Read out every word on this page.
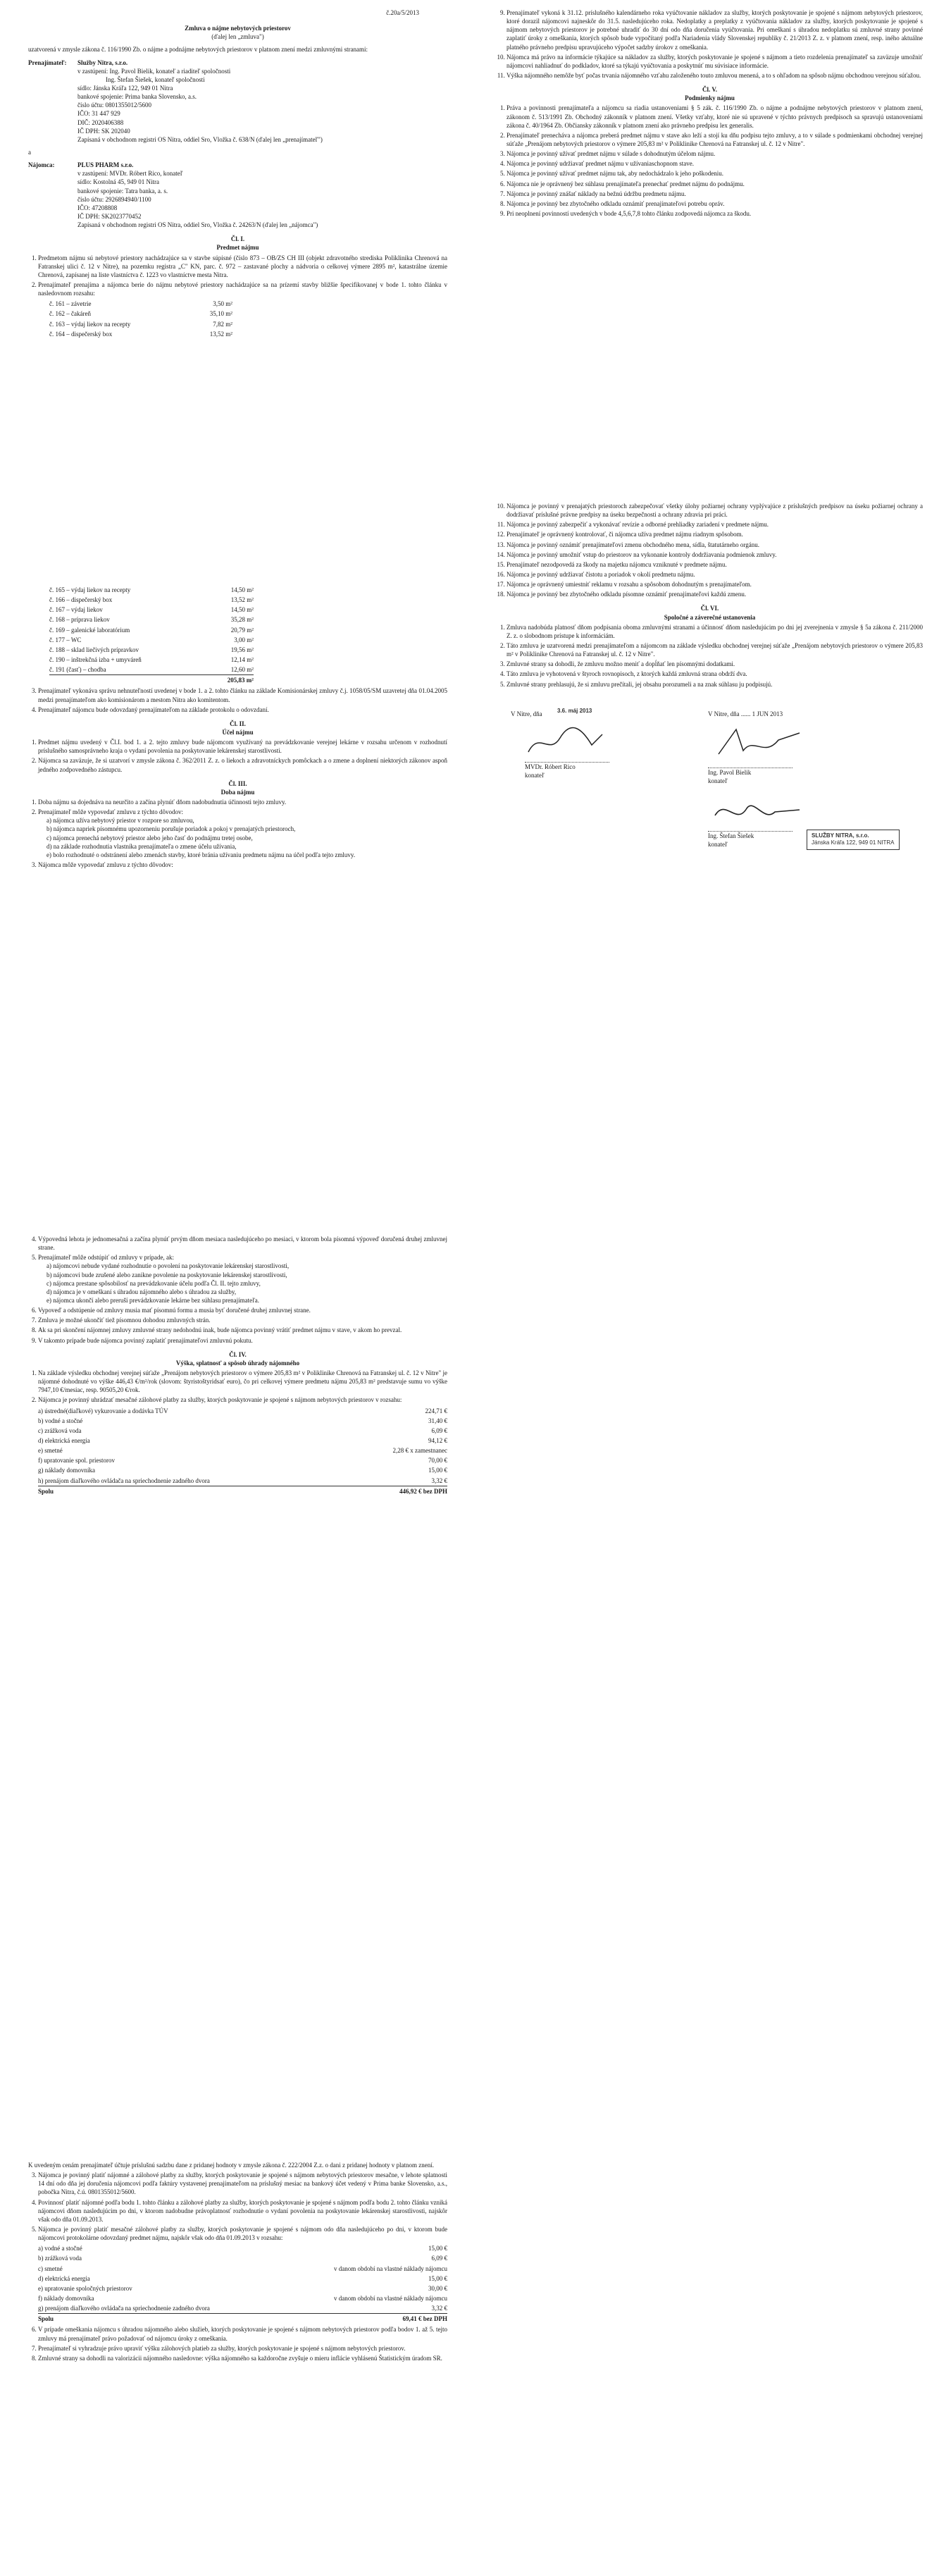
č.20a/5/2013
Zmluva o nájme nebytových priestorov
(ďalej len „zmluva")
uzatvorená v zmysle zákona č. 116/1990 Zb. o nájme a podnájme nebytových priestorov v platnom znení medzi zmluvnými stranami:
Prenajímateľ:	Služby Nitra, s.r.o.
v zastúpení: Ing. Pavol Bielik, konateľ a riaditeľ spoločnosti
Ing. Štefan Šiešek, konateľ spoločnosti
sídlo: Jánska Kráľa 122, 949 01 Nitra
bankové spojenie: Prima banka Slovensko, a.s.
číslo účtu: 0801355012/5600
IČO: 31 447 929
DIČ: 2020406388
IČ DPH: SK 202040
Zapísaná v obchodnom registri OS Nitra, oddiel Sro, Vložka č. 638/N (ďalej len „prenajímateľ")
a
Nájomca:	PLUS PHARM s.r.o.
v zastúpení: MVDr. Róbert Rico, konateľ
sídlo: Kostolná 45, 949 01 Nitra
bankové spojenie: Tatra banka, a. s.
číslo účtu: 2926894940/1100
IČO: 47208808
IČ DPH: SK2023770452
Zapísaná v obchodnom registri OS Nitra, oddiel Sro, Vložka č. 24263/N (ďalej len „nájomca")
Čl. I.
Predmet nájmu
1. Predmetom nájmu sú nebytové priestory nachádzajúce sa v stavbe súpisné (číslo 873 – OB/ZS CH III (objekt zdravotného strediska Poliklinika Chrenová na Fatranskej ulici č. 12 v Nitre), na pozemku registra „C" KN, parc. č. 972 – zastavané plochy a nádvoria o celkovej výmere 2895 m², katastrálne územie Chrenová, zapísanej na liste vlastníctva č. 1223 vo vlastníctve mesta Nitra.
2. Prenajímateľ prenajíma a nájomca berie do nájmu nebytové priestory nachádzajúce sa na prízemí stavby bližšie špecifikovanej v bode 1. tohto článku v nasledovnom rozsahu:
č. 161 – závetrie	3,50 m²
č. 162 – čakáreň	35,10 m²
č. 163 – výdaj liekov na recepty	7,82 m²
č. 164 – dispečerský box	13,52 m²
9. Prenajímateľ vykoná k 31.12. príslušného kalendárneho roka vyúčtovanie nákladov za služby, ktorých poskytovanie je spojené s nájmom nebytových priestorov, ktoré dorazil nájomcovi najneskôr do 31.5. nasledujúceho roka. Nedoplatky a preplatky z vyúčtovania nákladov za služby, ktorých poskytovanie je spojené s nájmom nebytových priestorov je potrebné uhradiť do 30 dní odo dňa doručenia vyúčtovania. Pri omeškaní s úhradou nedoplatku sú zmluvné strany povinné zaplatiť úroky z omeškania, ktorých spôsob bude vypočítaný podľa Nariadenia vlády Slovenskej republiky č. 21/2013 Z. z. v platnom znení, resp. iného aktuálne platného právneho predpisu upravujúceho výpočet sadzby úrokov z omeškania.
10. Nájomca má právo na informácie týkajúce sa nákladov za služby, ktorých poskytovanie je spojené s nájmom a tieto rozdelenia prenajímateľ sa zaväzuje umožniť nájomcovi nahliadnuť do podkladov, ktoré sa týkajú vyúčtovania a poskytnúť mu súvisiace informácie.
11. Výška nájomného nemôže byť počas trvania nájomného vzťahu založeného touto zmluvou menená, a to s ohľadom na spôsob nájmu obchodnou verejnou súťažou.
Čl. V.
Podmienky nájmu
1. Práva a povinnosti prenajímateľa a nájomcu sa riadia ustanoveniami § 5 zák. č. 116/1990 Zb. o nájme a podnájme nebytových priestorov v platnom znení, zákonom č. 513/1991 Zb. Obchodný zákonník v platnom znení. Všetky vzťahy, ktoré nie sú upravené v týchto právnych predpisoch sa spravujú ustanoveniami zákona č. 40/1964 Zb. Občiansky zákonník v platnom znení ako právneho predpisu lex generalis.
2. Prenajímateľ prenecháva a nájomca preberá predmet nájmu v stave ako leží a stojí ku dňu podpisu tejto zmluvy, a to v súlade s podmienkami obchodnej verejnej súťaže „Prenájom nebytových priestorov o výmere 205,83 m² v Poliklinike Chrenová na Fatranskej ul. č. 12 v Nitre".
3. Nájomca je povinný užívať predmet nájmu v súlade s dohodnutým účelom nájmu.
4. Nájomca je povinný udržiavať predmet nájmu v užívaniaschopnom stave.
5. Nájomca je povinný užívať predmet nájmu tak, aby nedochádzalo k jeho poškodeniu.
6. Nájomca nie je oprávnený bez súhlasu prenajímateľa prenechať predmet nájmu do podnájmu.
7. Nájomca je povinný znášať náklady na bežnú údržbu predmetu nájmu.
8. Nájomca je povinný bez zbytočného odkladu oznámiť prenajímateľovi potrebu opráv.
9. Pri neoplnení povinností uvedených v bode 4,5,6,7,8 tohto článku zodpovedá nájomca za škodu.
č. 165 – výdaj liekov na recepty	14,50 m²
č. 166 – dispečerský box	13,52 m²
č. 167 – výdaj liekov	14,50 m²
č. 168 – príprava liekov	35,28 m²
č. 169 – galenické laboratórium	20,79 m²
č. 177 – WC	3,00 m²
č. 188 – sklad liečivých prípravkov	19,56 m²
č. 190 – inštrekčná izba + umyváreň	12,14 m²
č. 191 (časť) – chodba	12,60 m²
205,83 m²
3. Prenajímateľ vykonáva správu nehnuteľností uvedenej v bode 1. a 2. tohto článku na základe Komisionárskej zmluvy č.j. 1058/05/SM uzavretej dňa 01.04.2005 medzi prenajímateľom ako komisionárom a mestom Nitra ako komitentom.
4. Prenajímateľ nájomcu bude odovzdaný prenajímateľom na základe protokolu o odovzdaní.
Čl. II.
Účel nájmu
1. Predmet nájmu uvedený v Čl.I. bod 1. a 2. tejto zmluvy bude nájomcom využívaný na prevádzkovanie verejnej lekárne v rozsahu určenom v rozhodnutí príslušného samosprávneho kraja o vydaní povolenia na poskytovanie lekárenskej starostlivosti.
2. Nájomca sa zaväzuje, že si uzatvorí v zmysle zákona č. 362/2011 Z. z. o liekoch a zdravotníckych pomôckach a o zmene a doplnení niektorých zákonov aspoň jedného zodpovedného zástupcu.
Čl. III.
Doba nájmu
1. Doba nájmu sa dojednáva na neurčito a začína plynúť dňom nadobudnutia účinnosti tejto zmluvy.
2. Prenajímateľ môže vypovedať zmluvu z týchto dôvodov:
a) nájomca užíva nebytový priestor v rozpore so zmluvou,
b) nájomca napriek písomnému upozorneniu porušuje poriadok a pokoj v prenajatých priestoroch,
c) nájomca prenechá nebytový priestor alebo jeho časť do podnájmu tretej osobe,
d) na základe rozhodnutia vlastníka prenajímateľa o zmene účelu užívania,
e) bolo rozhodnuté o odstránení alebo zmenách stavby, ktoré bránia užívaniu predmetu nájmu na účel podľa tejto zmluvy.
3. Nájomca môže vypovedať zmluvu z týchto dôvodov:
10. Nájomca je povinný v prenajatých priestoroch zabezpečovať všetky úlohy požiarnej ochrany vyplývajúce z príslušných predpisov na úseku požiarnej ochrany a dodržiavať príslušné právne predpisy na úseku bezpečnosti a ochrany zdravia pri práci.
11. Nájomca je povinný zabezpečiť a vykonávať revízie a odborné prehliadky zariadení v predmete nájmu.
12. Prenajímateľ je oprávnený kontrolovať, či nájomca užíva predmet nájmu riadnym spôsobom.
13. Nájomca je povinný oznámiť prenajímateľovi zmenu obchodného mena, sídla, štatutárneho orgánu.
14. Nájomca je povinný umožniť vstup do priestorov na vykonanie kontroly dodržiavania podmienok zmluvy.
15. Prenajímateľ nezodpovedá za škody na majetku nájomcu vzniknuté v predmete nájmu.
16. Nájomca je povinný udržiavať čistotu a poriadok v okolí predmetu nájmu.
17. Nájomca je oprávnený umiestniť reklamu v rozsahu a spôsobom dohodnutým s prenajímateľom.
18. Nájomca je povinný bez zbytočného odkladu písomne oznámiť prenajímateľovi každú zmenu.
Čl. VI.
Spoločné a záverečné ustanovenia
1. Zmluva nadobúda platnosť dňom podpísania oboma zmluvnými stranami a účinnosť dňom nasledujúcim po dni jej zverejnenia v zmysle § 5a zákona č. 211/2000 Z. z. o slobodnom prístupe k informáciám.
2. Táto zmluva je uzatvorená medzi prenajímateľom a nájomcom na základe výsledku obchodnej verejnej súťaže „Prenájom nebytových priestorov o výmere 205,83 m² v Poliklinike Chrenová na Fatranskej ul. č. 12 v Nitre".
3. Zmluvné strany sa dohodli, že zmluvu možno meniť a dopĺňať len písomnými dodatkami.
4. Táto zmluva je vyhotovená v štyroch rovnopisoch, z ktorých každá zmluvná strana obdrží dva.
5. Zmluvné strany prehlasujú, že si zmluvu prečítali, jej obsahu porozumeli a na znak súhlasu ju podpisujú.
V Nitre, dňa	3.6. máj 2013	V Nitre, dňa ...... 1 JUN 2013
MVDr. Róbert Rico
konateľ	Ing. Pavol Bielik
konateľ
Ing. Štefan Šiešek
konateľ
SLUŽBY NITRA, s.r.o.
Jánska Kráľa 122, 949 01 NITRA
4. Výpovedná lehota je jednomesačná a začína plynúť prvým dňom mesiaca nasledujúceho po mesiaci, v ktorom bola písomná výpoveď doručená druhej zmluvnej strane.
5. Prenajímateľ môže odstúpiť od zmluvy v prípade, ak:
a) nájomcovi nebude vydané rozhodnutie o povolení na poskytovanie lekárenskej starostlivosti,
b) nájomcovi bude zrušené alebo zanikne povolenie na poskytovanie lekárenskej starostlivosti,
c) nájomca prestane spôsobilosť na prevádzkovanie účelu podľa Čl. II. tejto zmluvy,
d) nájomca je v omeškaní s úhradou nájomného alebo s úhradou za služby,
e) nájomca ukončí alebo preruší prevádzkovanie lekárne bez súhlasu prenajímateľa.
6. Vypoveď a odstúpenie od zmluvy musia mať písomnú formu a musia byť doručené druhej zmluvnej strane.
7. Zmluva je možné ukončiť tiež písomnou dohodou zmluvných strán.
8. Ak sa pri skončení nájomnej zmluvy zmluvné strany nedohodnú inak, bude nájomca povinný vrátiť predmet nájmu v stave, v akom ho prevzal.
9. V takomto prípade bude nájomca povinný zaplatiť prenajímateľovi zmluvnú pokutu.
Čl. IV.
Výška, splatnosť a spôsob úhrady nájomného
1. Na základe výsledku obchodnej verejnej súťaže „Prenájom nebytových priestorov o výmere 205,83 m² v Poliklinike Chrenová na Fatranskej ul. č. 12 v Nitre" je nájomné dohodnuté vo výške 446,43 €/m²/rok (slovom: štyristoštyridsať euro), čo pri celkovej výmere predmetu nájmu 205,83 m² predstavuje sumu vo výške 7947,10 €/mesiac, resp. 90505,20 €/rok.
2. Nájomca je povinný uhrádzať mesačné zálohové platby za služby, ktorých poskytovanie je spojené s nájmom nebytových priestorov v rozsahu:
a) ústredné(diaľkové) vykurovanie a dodávka TÚV	224,71 €
b) vodné a stočné	31,40 €
c) zrážková voda	6,09 €
d) elektrická energia	94,12 €
e) smetné	2,28 € x zamestnanec
f) upratovanie spol. priestorov	70,00 €
g) náklady domovníka	15,00 €
h) prenájom diaľkového ovládača na spriechodnenie zadného dvora	3,32 €
Spolu	446,92 € bez DPH
K uvedeným cenám prenajímateľ účtuje príslušnú sadzbu dane z pridanej hodnoty v zmysle zákona č. 222/2004 Z.z. o dani z pridanej hodnoty v platnom znení.
3. Nájomca je povinný platiť nájomné a zálohové platby za služby, ktorých poskytovanie je spojené s nájmom nebytových priestorov mesačne, v lehote splatnosti 14 dní odo dňa jej doručenia nájomcovi podľa faktúry vystavenej prenajímateľom na príslušný mesiac na bankový účet vedený v Prima banke Slovensko, a.s., pobočka Nitra, č.ú. 0801355012/5600.
4. Povinnosť platiť nájomné podľa bodu 1. tohto článku a zálohové platby za služby, ktorých poskytovanie je spojené s nájmom podľa bodu 2. tohto článku vzniká nájomcovi dňom nasledujúcim po dni, v ktorom nadobudne právoplatnosť rozhodnutie o vydaní povolenia na poskytovanie lekárenskej starostlivosti, najskôr však odo dňa 01.09.2013.
5. Nájomca je povinný platiť mesačné zálohové platby za služby, ktorých poskytovanie je spojené s nájmom odo dňa nasledujúceho po dni, v ktorom bude nájomcovi protokolárne odovzdaný predmet nájmu, najskôr však odo dňa 01.09.2013 v rozsahu:
a) vodné a stočné	15,00 €
b) zrážková voda	6,09 €
c) smetné	v danom období na vlastné náklady nájomcu
d) elektrická energia	15,00 €
e) upratovanie spoločných priestorov	30,00 €
f) náklady domovníka	v danom období na vlastné náklady nájomcu
g) prenájom diaľkového ovládača na spriechodnenie zadného dvora	3,32 €
Spolu	69,41 € bez DPH
6. V prípade omeškania nájomcu s úhradou nájomného alebo služieb, ktorých poskytovanie je spojené s nájmom nebytových priestorov podľa bodov 1. až 5. tejto zmluvy má prenajímateľ právo požadovať od nájomcu úroky z omeškania.
7. Prenajímateľ si vyhradzuje právo upraviť výšku zálohových platieb za služby, ktorých poskytovanie je spojené s nájmom nebytových priestorov.
8. Zmluvné strany sa dohodli na valorizácii nájomného nasledovne: výška nájomného sa každoročne zvyšuje o mieru inflácie vyhlásenú Štatistickým úradom SR.
